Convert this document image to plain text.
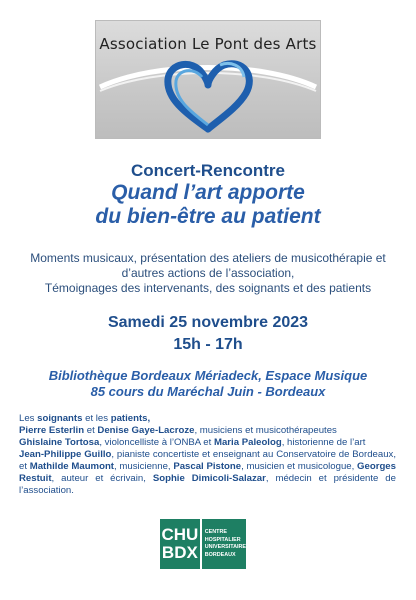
Association Le Pont des Arts
Concert-Rencontre
Quand l’art apporte
du bien-être au patient
Moments musicaux, présentation des ateliers de musicothérapie et
d’autres actions de l’association,
Témoignages des intervenants, des soignants et des patients
Samedi 25 novembre 2023
15h - 17h
Bibliothèque Bordeaux Mériadeck, Espace Musique
85 cours du Maréchal Juin - Bordeaux
Les soignants et les patients,
Pierre Esterlin et Denise Gaye-Lacroze, musiciens et musicothérapeutes
Ghislaine Tortosa, violoncelliste à l’ONBA et Maria Paleolog, historienne de l’art
Jean-Philippe Guillo, pianiste concertiste et enseignant au Conservatoire de Bordeaux, et Mathilde Maumont, musicienne, Pascal Pistone, musicien et musicologue, Georges Restuit, auteur et écrivain, Sophie Dimicoli-Salazar, médecin et présidente de l’association.
CHU
BDX
CENTRE
HOSPITALIER
UNIVERSITAIRE
BORDEAUX
